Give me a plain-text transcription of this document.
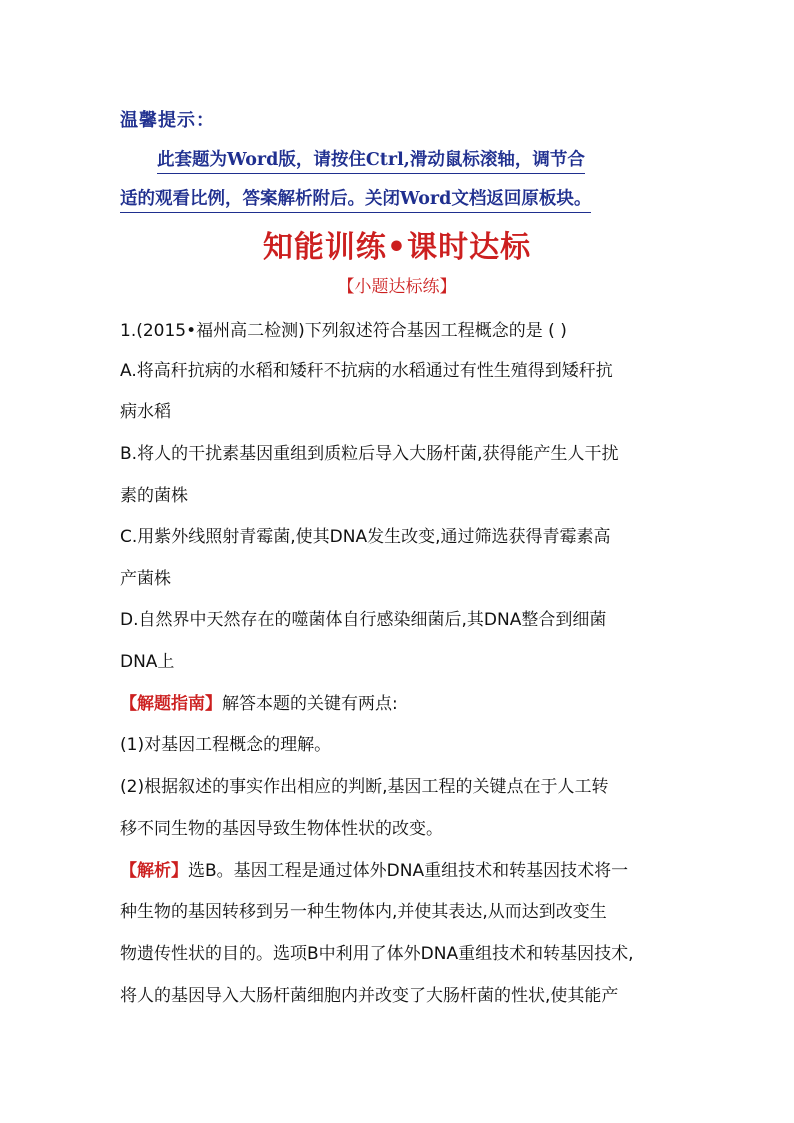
温馨提示：
此套题为Word版，请按住Ctrl,滑动鼠标滚轴，调节合
适的观看比例，答案解析附后。关闭Word文档返回原板块。
知能训练•课时达标
【小题达标练】
1.(2015•福州高二检测)下列叙述符合基因工程概念的是 ( )
A.将高秆抗病的水稻和矮秆不抗病的水稻通过有性生殖得到矮秆抗
病水稻
B.将人的干扰素基因重组到质粒后导入大肠杆菌,获得能产生人干扰
素的菌株
C.用紫外线照射青霉菌,使其DNA发生改变,通过筛选获得青霉素高
产菌株
D.自然界中天然存在的噬菌体自行感染细菌后,其DNA整合到细菌
DNA上
【解题指南】解答本题的关键有两点:
(1)对基因工程概念的理解。
(2)根据叙述的事实作出相应的判断,基因工程的关键点在于人工转
移不同生物的基因导致生物体性状的改变。
【解析】选B。基因工程是通过体外DNA重组技术和转基因技术将一
种生物的基因转移到另一种生物体内,并使其表达,从而达到改变生
物遗传性状的目的。选项B中利用了体外DNA重组技术和转基因技术,
将人的基因导入大肠杆菌细胞内并改变了大肠杆菌的性状,使其能产
